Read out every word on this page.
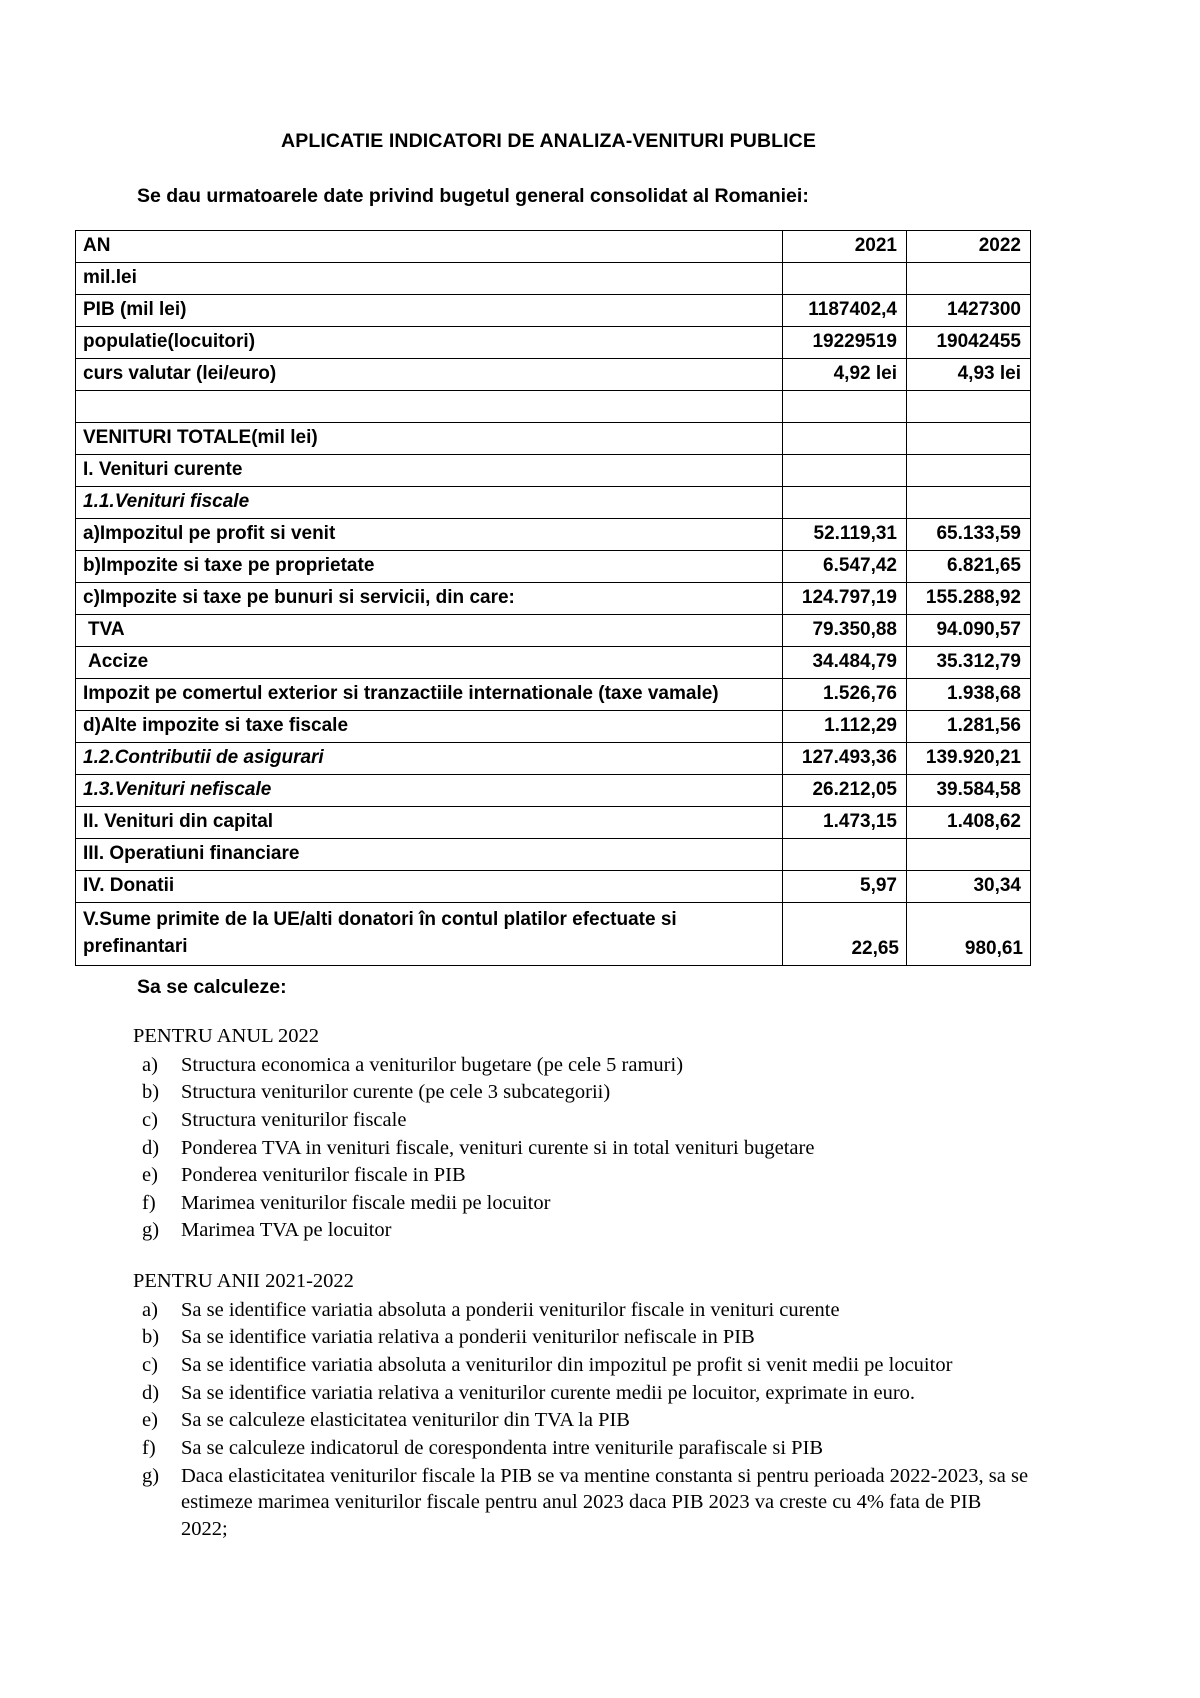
APLICATIE INDICATORI DE ANALIZA-VENITURI PUBLICE

Se dau urmatoarele date privind bugetul general consolidat al Romaniei:

AN	2021	2022
mil.lei		
PIB (mil lei)	1187402,4	1427300
populatie(locuitori)	19229519	19042455
curs valutar (lei/euro)	4,92 lei	4,93 lei

VENITURI TOTALE(mil lei)		
I. Venituri curente		
1.1.Venituri fiscale		
a)Impozitul pe profit si venit	52.119,31	65.133,59
b)Impozite si taxe pe proprietate	6.547,42	6.821,65
c)Impozite si taxe pe bunuri si servicii, din care:	124.797,19	155.288,92
TVA	79.350,88	94.090,57
Accize	34.484,79	35.312,79
Impozit pe comertul exterior si tranzactiile internationale (taxe vamale)	1.526,76	1.938,68
d)Alte impozite si taxe fiscale	1.112,29	1.281,56
1.2.Contributii de asigurari	127.493,36	139.920,21
1.3.Venituri nefiscale	26.212,05	39.584,58
II. Venituri din capital	1.473,15	1.408,62
III. Operatiuni financiare		
IV. Donatii	5,97	30,34
V.Sume primite de la UE/alti donatori în contul platilor efectuate si prefinantari	22,65	980,61

Sa se calculeze:

PENTRU ANUL 2022
a)	Structura economica a veniturilor bugetare (pe cele 5 ramuri)
b)	Structura veniturilor curente (pe cele 3 subcategorii)
c)	Structura veniturilor fiscale
d)	Ponderea TVA in venituri fiscale, venituri curente si in total venituri bugetare
e)	Ponderea veniturilor fiscale in PIB
f)	Marimea veniturilor fiscale medii pe locuitor
g)	Marimea TVA pe locuitor
PENTRU ANII 2021-2022
a)	Sa se identifice variatia absoluta a ponderii veniturilor fiscale in venituri curente
b)	Sa se identifice variatia relativa a ponderii veniturilor nefiscale in PIB
c)	Sa se identifice variatia absoluta a veniturilor din impozitul pe profit si venit medii pe locuitor
d)	Sa se identifice variatia relativa a veniturilor curente medii pe locuitor, exprimate in euro.
e)	Sa se calculeze elasticitatea veniturilor din TVA la PIB
f)	Sa se calculeze indicatorul de corespondenta intre veniturile parafiscale si PIB
g)	Daca elasticitatea veniturilor fiscale la PIB se va mentine constanta si pentru perioada 2022-2023, sa se estimeze marimea veniturilor fiscale pentru anul 2023 daca PIB 2023 va creste cu 4% fata de PIB 2022;
